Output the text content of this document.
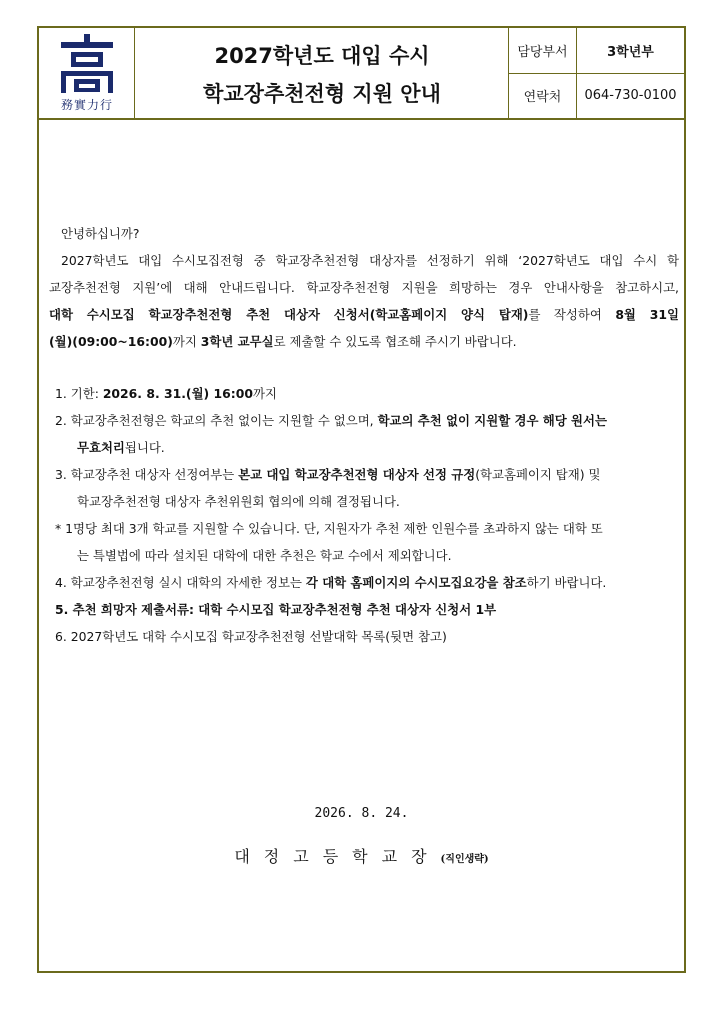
務實力行
2027학년도 대입 수시
학교장추천전형 지원 안내
담당부서	3학년부
연락처	064-730-0100

안녕하십니까?

2027학년도 대입 수시모집전형 중 학교장추천전형 대상자를 선정하기 위해 ‘2027학년도 대입 수시 학

교장추천전형 지원’에 대해 안내드립니다. 학교장추천전형 지원을 희망하는 경우 안내사항을 참고하시고,

대학 수시모집 학교장추천전형 추천 대상자 신청서(학교홈페이지 양식 탑재)를 작성하여 8월 31일

(월)(09:00~16:00)까지 3학년 교무실로 제출할 수 있도록 협조해 주시기 바랍니다.

1. 기한: 2026. 8. 31.(월) 16:00까지

2. 학교장추천전형은 학교의 추천 없이는 지원할 수 없으며, 학교의 추천 없이 지원할 경우 해당 원서는

무효처리됩니다.

3. 학교장추천 대상자 선정여부는 본교 대입 학교장추천전형 대상자 선정 규정(학교홈페이지 탑재) 및

학교장추천전형 대상자 추천위원회 협의에 의해 결정됩니다.

* 1명당 최대 3개 학교를 지원할 수 있습니다. 단, 지원자가 추천 제한 인원수를 초과하지 않는 대학 또

는 특별법에 따라 설치된 대학에 대한 추천은 학교 수에서 제외합니다.

4. 학교장추천전형 실시 대학의 자세한 정보는 각 대학 홈페이지의 수시모집요강을 참조하기 바랍니다.

5. 추천 희망자 제출서류: 대학 수시모집 학교장추천전형 추천 대상자 신청서 1부

6. 2027학년도 대학 수시모집 학교장추천전형 선발대학 목록(뒷면 참고)

2026. 8. 24.
대정고등학교장(직인생략)
